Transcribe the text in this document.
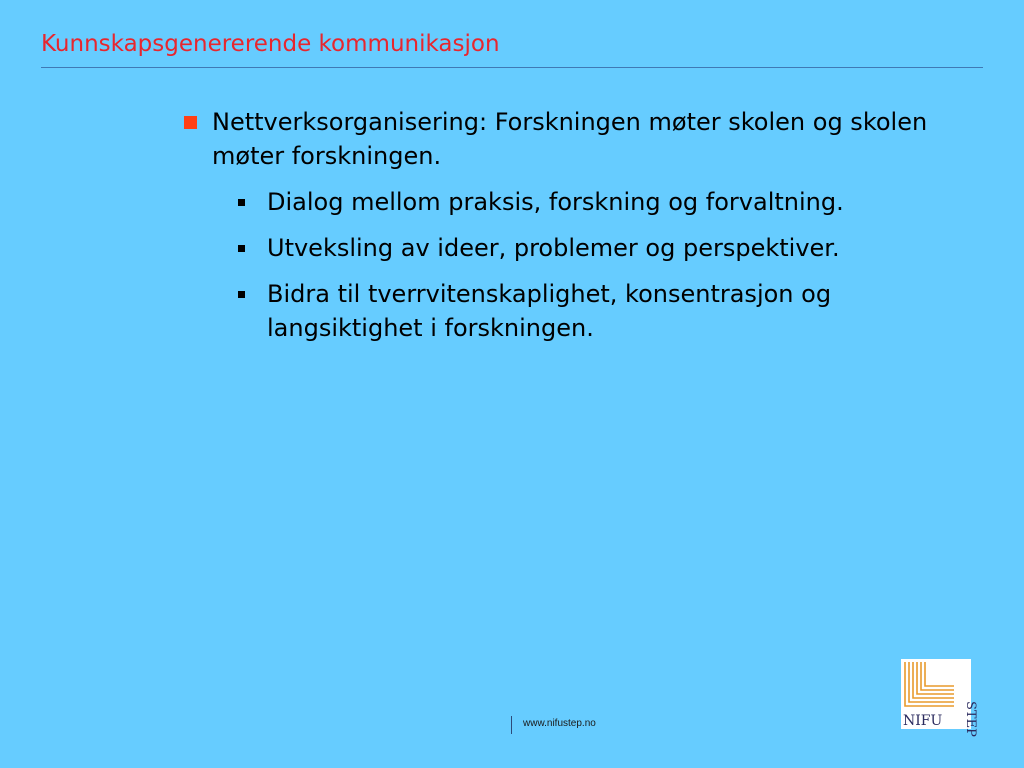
Kunnskapsgenererende kommunikasjon
Nettverksorganisering: Forskningen møter skolen og skolen møter forskningen.
Dialog mellom praksis, forskning og forvaltning.
Utveksling av ideer, problemer og perspektiver.
Bidra til tverrvitenskaplighet, konsentrasjon og langsiktighet i forskningen.
www.nifustep.no	NIFU STEP
